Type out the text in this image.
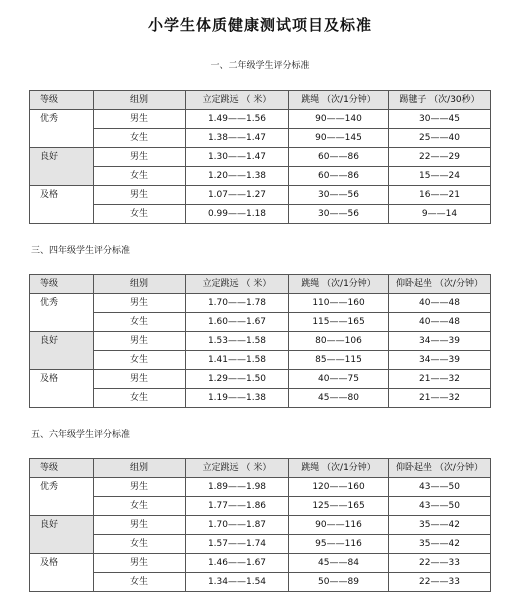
小学生体质健康测试项目及标准
一、二年级学生评分标准
等级	组别	立定跳远 （ 米）	跳绳 （次/1分钟）	踢毽子 （次/30秒）
优秀	男生	1.49——1.56	90——140	30——45
	女生	1.38——1.47	90——145	25——40
良好	男生	1.30——1.47	60——86	22——29
	女生	1.20——1.38	60——86	15——24
及格	男生	1.07——1.27	30——56	16——21
	女生	0.99——1.18	30——56	9——14
三、四年级学生评分标准
等级	组别	立定跳远 （ 米）	跳绳 （次/1分钟）	仰卧起坐 （次/分钟）
优秀	男生	1.70——1.78	110——160	40——48
	女生	1.60——1.67	115——165	40——48
良好	男生	1.53——1.58	80——106	34——39
	女生	1.41——1.58	85——115	34——39
及格	男生	1.29——1.50	40——75	21——32
	女生	1.19——1.38	45——80	21——32
五、六年级学生评分标准
等级	组别	立定跳远 （ 米）	跳绳 （次/1分钟）	仰卧起坐 （次/分钟）
优秀	男生	1.89——1.98	120——160	43——50
	女生	1.77——1.86	125——165	43——50
良好	男生	1.70——1.87	90——116	35——42
	女生	1.57——1.74	95——116	35——42
及格	男生	1.46——1.67	45——84	22——33
	女生	1.34——1.54	50——89	22——33
